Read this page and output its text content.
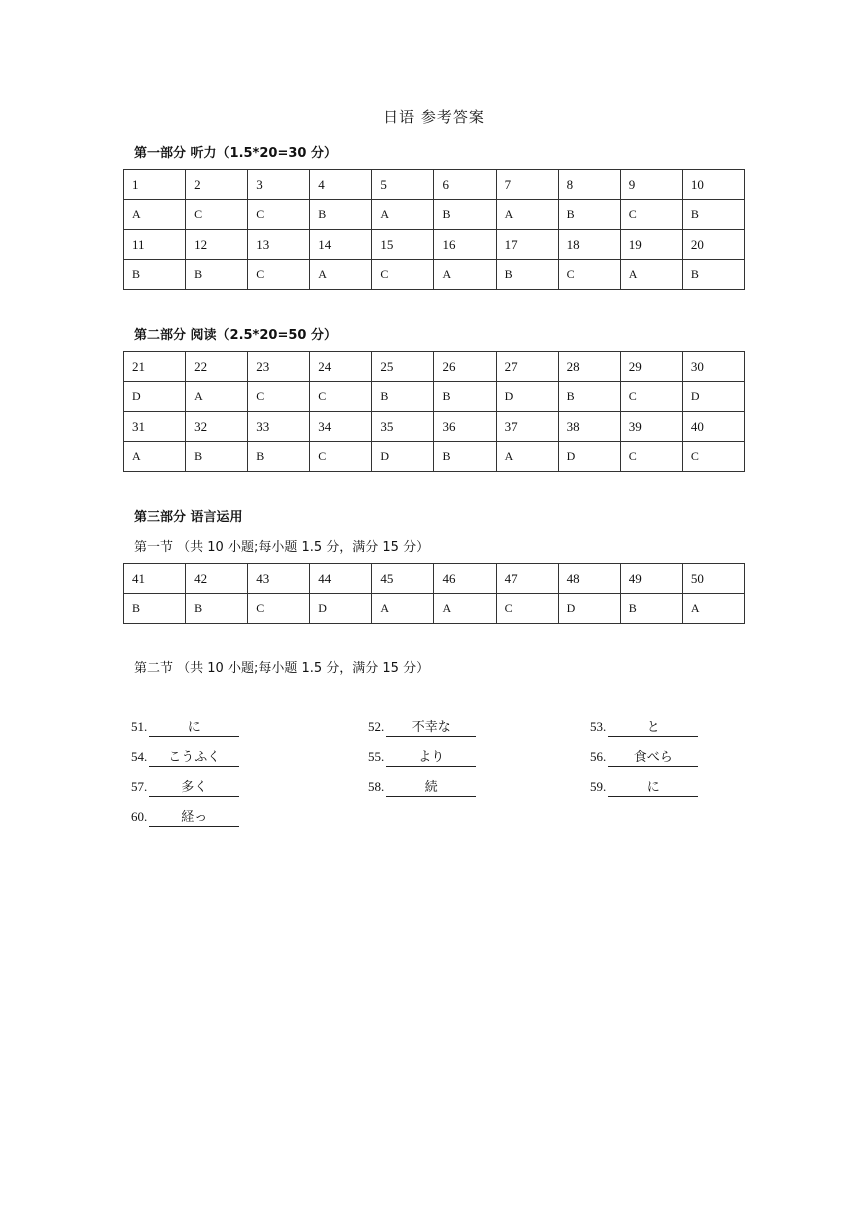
日语 参考答案
第一部分 听力（1.5*20=30 分）
1	2	3	4	5	6	7	8	9	10
A	C	C	B	A	B	A	B	C	B
11	12	13	14	15	16	17	18	19	20
B	B	C	A	C	A	B	C	A	B
第二部分 阅读（2.5*20=50 分）
21	22	23	24	25	26	27	28	29	30
D	A	C	C	B	B	D	B	C	D
31	32	33	34	35	36	37	38	39	40
A	B	B	C	D	B	A	D	C	C
第三部分 语言运用
第一节 （共 10 小题;每小题 1.5 分，满分 15 分）
41	42	43	44	45	46	47	48	49	50
B	B	C	D	A	A	C	D	B	A
第二节 （共 10 小题;每小题 1.5 分，满分 15 分）
51.	に	52. 不幸な	53.	と
54. こうふく	55.	より	56. 食べら
57.	多く	58.	続	59.	に
60.	経っ
